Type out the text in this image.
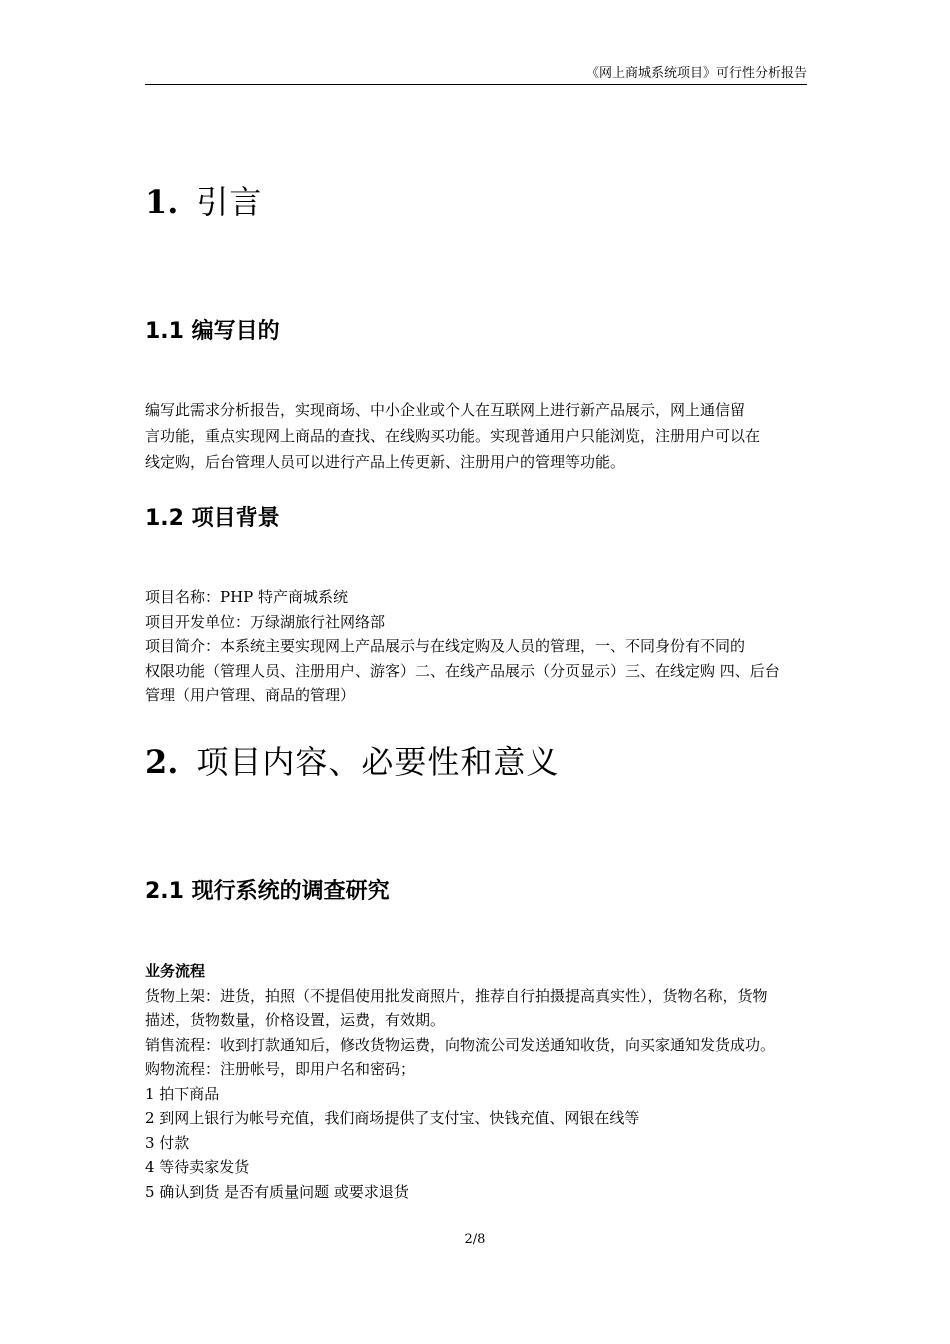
《网上商城系统项目》可行性分析报告
1. 引言
1.1 编写目的
编写此需求分析报告，实现商场、中小企业或个人在互联网上进行新产品展示，网上通信留
言功能，重点实现网上商品的查找、在线购买功能。实现普通用户只能浏览，注册用户可以在
线定购，后台管理人员可以进行产品上传更新、注册用户的管理等功能。
1.2 项目背景
项目名称：PHP 特产商城系统
项目开发单位：万绿湖旅行社网络部
项目简介：本系统主要实现网上产品展示与在线定购及人员的管理，一、不同身份有不同的
权限功能（管理人员、注册用户、游客）二、在线产品展示（分页显示）三、在线定购 四、后台
管理（用户管理、商品的管理）
2. 项目内容、必要性和意义
2.1 现行系统的调查研究
业务流程
货物上架：进货，拍照（不提倡使用批发商照片，推荐自行拍摄提高真实性），货物名称，货物
描述，货物数量，价格设置，运费，有效期。
销售流程：收到打款通知后，修改货物运费，向物流公司发送通知收货，向买家通知发货成功。
购物流程：注册帐号，即用户名和密码；
1 拍下商品
2 到网上银行为帐号充值，我们商场提供了支付宝、快钱充值、网银在线等
3 付款
4 等待卖家发货
5 确认到货 是否有质量问题 或要求退货
2/8
